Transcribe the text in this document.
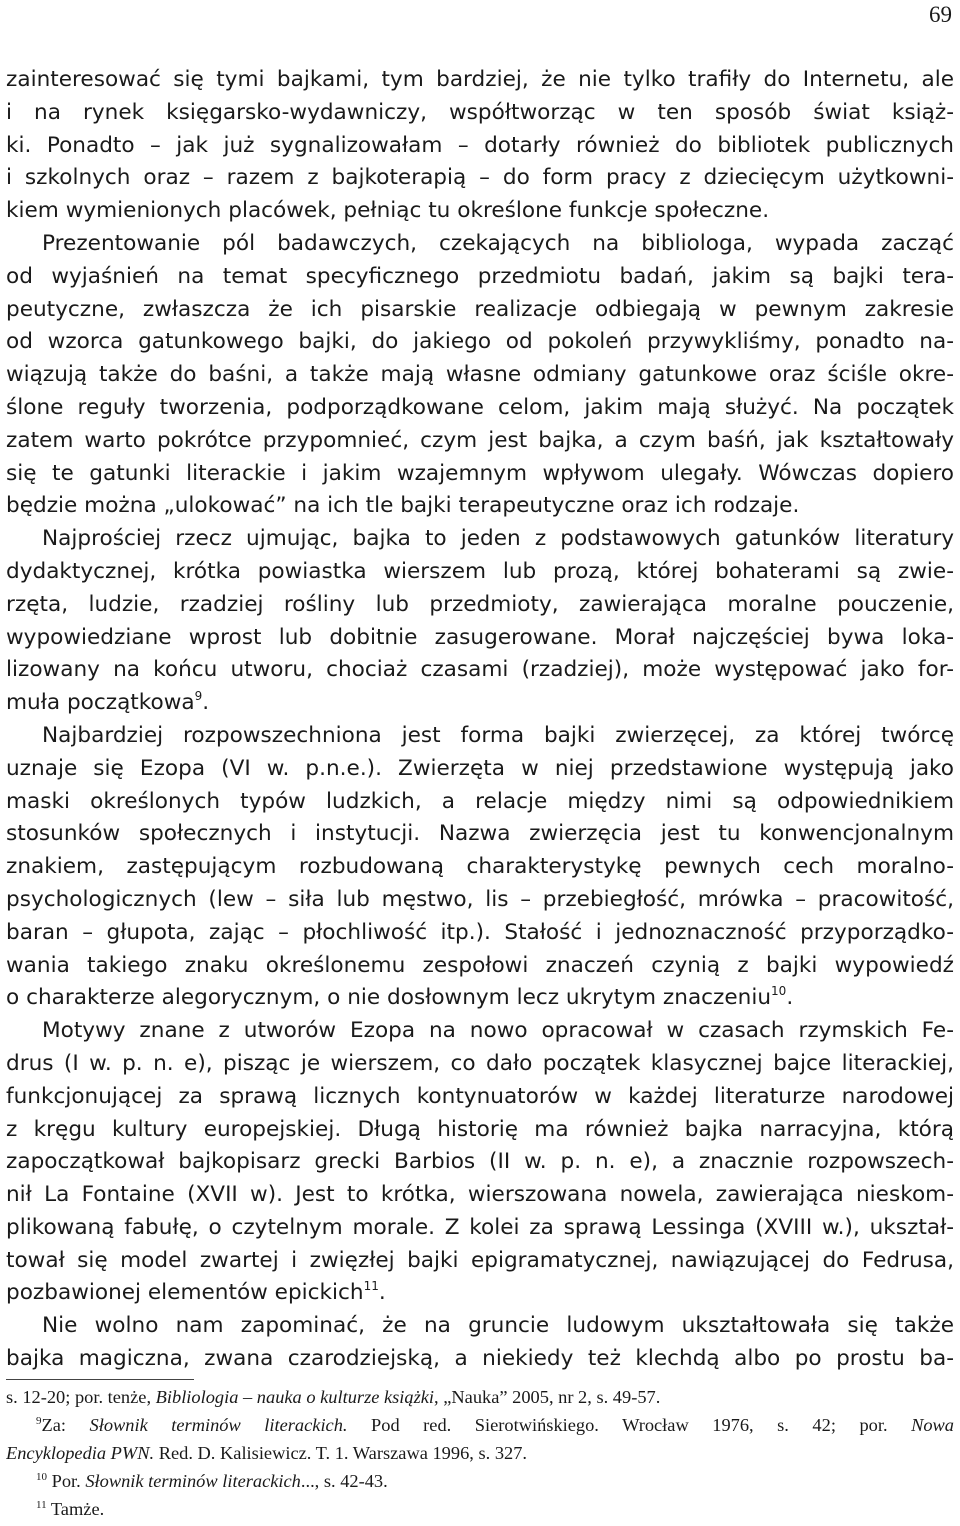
69
zainteresować się tymi bajkami, tym bardziej, że nie tylko trafiły do Internetu, ale
i na rynek księgarsko-wydawniczy, współtworząc w ten sposób świat książ-
ki. Ponadto – jak już sygnalizowałam – dotarły również do bibliotek publicznych
i szkolnych oraz – razem z bajkoterapią – do form pracy z dziecięcym użytkowni-
kiem wymienionych placówek, pełniąc tu określone funkcje społeczne.
Prezentowanie pól badawczych, czekających na bibliologa, wypada zacząć
od wyjaśnień na temat specyficznego przedmiotu badań, jakim są bajki tera-
peutyczne, zwłaszcza że ich pisarskie realizacje odbiegają w pewnym zakresie
od wzorca gatunkowego bajki, do jakiego od pokoleń przywykliśmy, ponadto na-
wiązują także do baśni, a także mają własne odmiany gatunkowe oraz ściśle okre-
ślone reguły tworzenia, podporządkowane celom, jakim mają służyć. Na początek
zatem warto pokrótce przypomnieć, czym jest bajka, a czym baśń, jak kształtowały
się te gatunki literackie i jakim wzajemnym wpływom ulegały. Wówczas dopiero
będzie można „ulokować” na ich tle bajki terapeutyczne oraz ich rodzaje.
Najprościej rzecz ujmując, bajka to jeden z podstawowych gatunków literatury
dydaktycznej, krótka powiastka wierszem lub prozą, której bohaterami są zwie-
rzęta, ludzie, rzadziej rośliny lub przedmioty, zawierająca moralne pouczenie,
wypowiedziane wprost lub dobitnie zasugerowane. Morał najczęściej bywa loka-
lizowany na końcu utworu, chociaż czasami (rzadziej), może występować jako for-
muła początkowa$^9$.
Najbardziej rozpowszechniona jest forma bajki zwierzęcej, za której twórcę
uznaje się Ezopa (VI w. p.n.e.). Zwierzęta w niej przedstawione występują jako
maski określonych typów ludzkich, a relacje między nimi są odpowiednikiem
stosunków społecznych i instytucji. Nazwa zwierzęcia jest tu konwencjonalnym
znakiem, zastępującym rozbudowaną charakterystykę pewnych cech moralno-
psychologicznych (lew – siła lub męstwo, lis – przebiegłość, mrówka – pracowitość,
baran – głupota, zając – płochliwość itp.). Stałość i jednoznaczność przyporządko-
wania takiego znaku określonemu zespołowi znaczeń czynią z bajki wypowiedź
o charakterze alegorycznym, o nie dosłownym lecz ukrytym znaczeniu$^{10}$.
Motywy znane z utworów Ezopa na nowo opracował w czasach rzymskich Fe-
drus (I w. p. n. e), pisząc je wierszem, co dało początek klasycznej bajce literackiej,
funkcjonującej za sprawą licznych kontynuatorów w każdej literaturze narodowej
z kręgu kultury europejskiej. Długą historię ma również bajka narracyjna, którą
zapoczątkował bajkopisarz grecki Barbios (II w. p. n. e), a znacznie rozpowszech-
nił La Fontaine (XVII w). Jest to krótka, wierszowana nowela, zawierająca nieskom-
plikowaną fabułę, o czytelnym morale. Z kolei za sprawą Lessinga (XVIII w.), ukształ-
tował się model zwartej i zwięzłej bajki epigramatycznej, nawiązującej do Fedrusa,
pozbawionej elementów epickich$^{11}$.
Nie wolno nam zapominać, że na gruncie ludowym ukształtowała się także
bajka magiczna, zwana czarodziejską, a niekiedy też klechdą albo po prostu ba-
s. 12-20; por. tenże, Bibliologia – nauka o kulturze książki, „Nauka” 2005, nr 2, s. 49-57.
$^9$Za: Słownik terminów literackich. Pod red. Sierotwińskiego. Wrocław 1976, s. 42; por. Nowa
Encyklopedia PWN. Red. D. Kalisiewicz. T. 1. Warszawa 1996, s. 327.
$^{10}$ Por. Słownik terminów literackich..., s. 42-43.
$^{11}$ Tamże.
